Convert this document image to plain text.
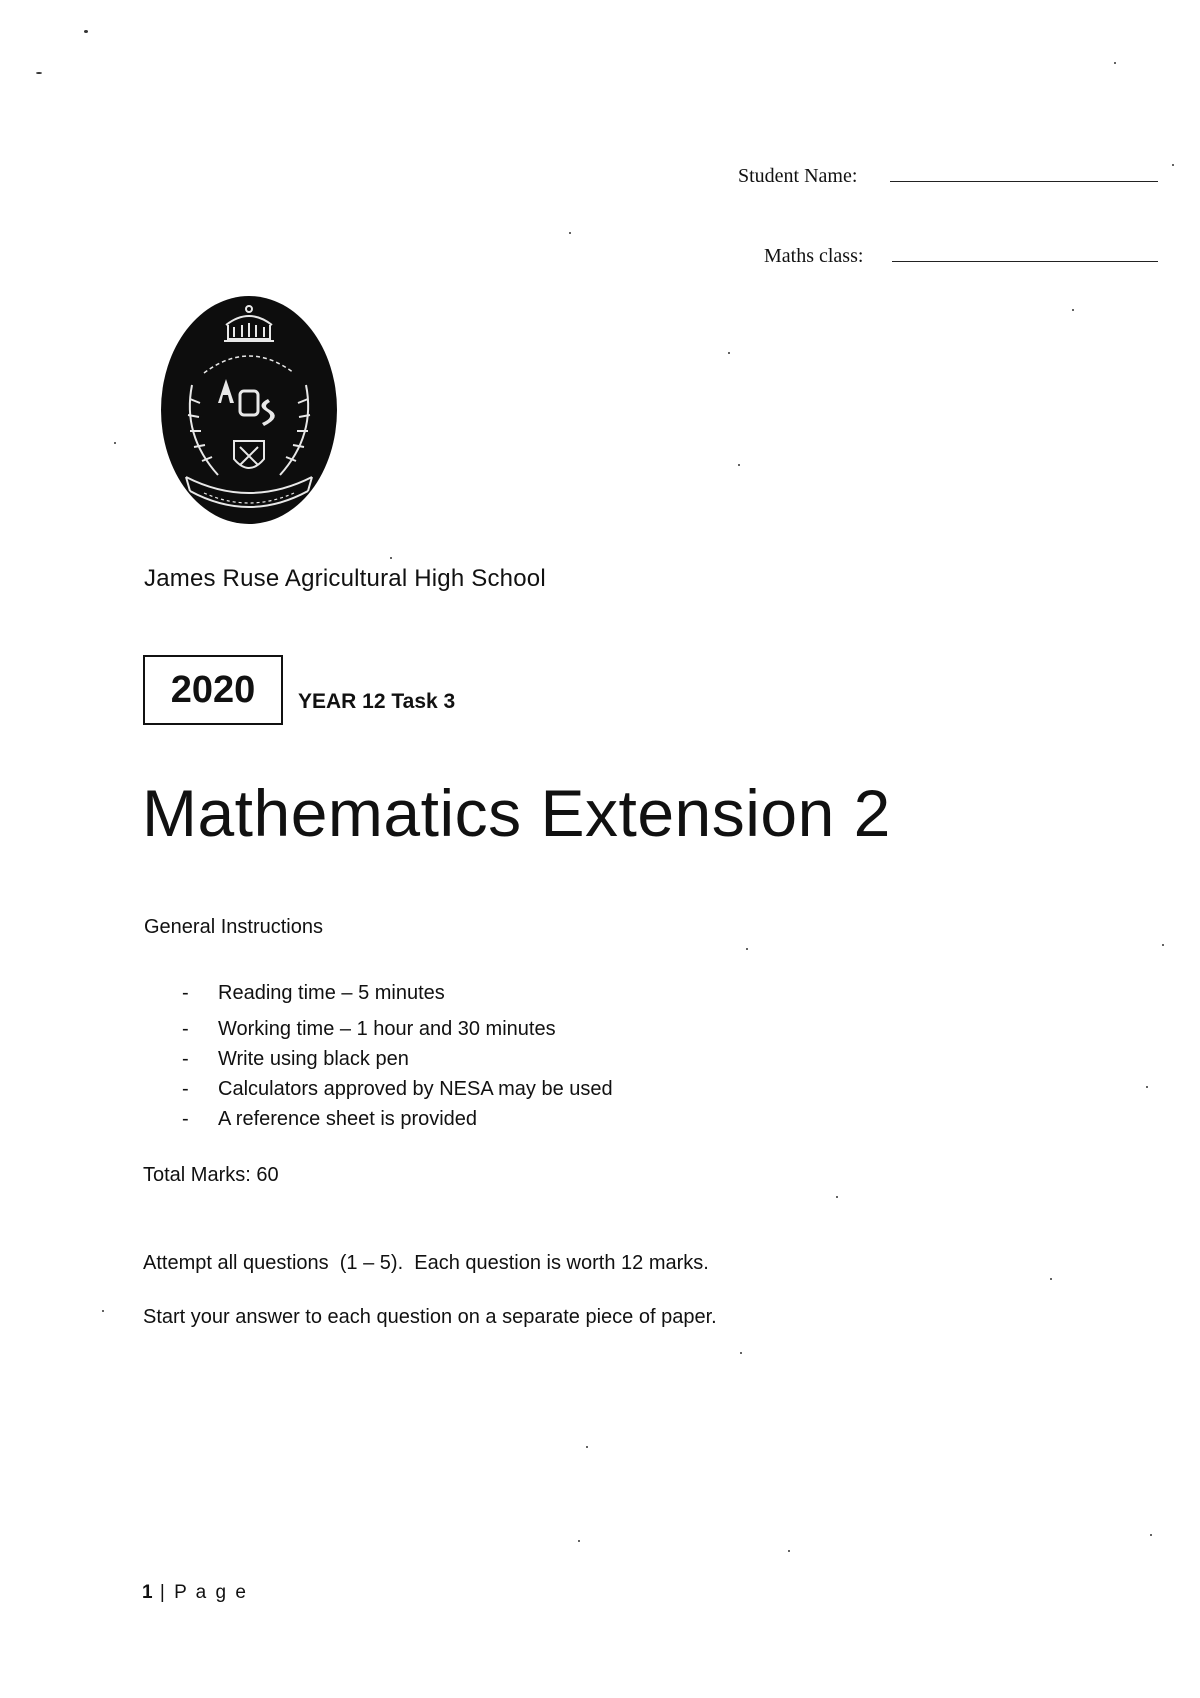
Student Name:
Maths class:
James Ruse Agricultural High School
2020 YEAR 12 Task 3
Mathematics Extension 2
General Instructions
-	Reading time – 5 minutes
-	Working time – 1 hour and 30 minutes
-	Write using black pen
-	Calculators approved by NESA may be used
-	A reference sheet is provided
Total Marks: 60
Attempt all questions  (1 – 5).  Each question is worth 12 marks.
Start your answer to each question on a separate piece of paper.
1 | P a g e
